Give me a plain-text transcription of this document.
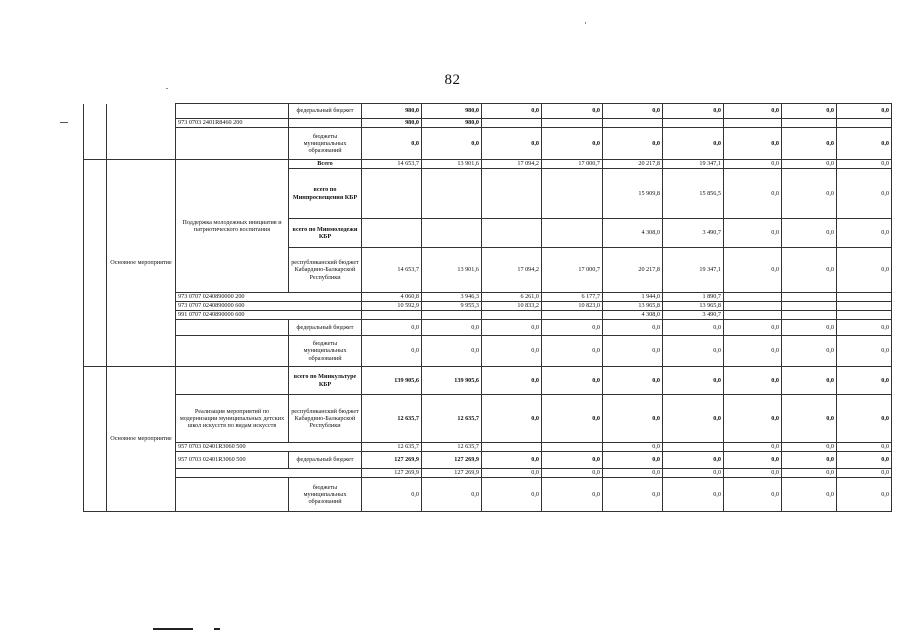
82
			федеральный бюджет	980,0	980,0	0,0	0,0	0,0	0,0	0,0	0,0	0,0
		973 0703 2401R8460 200		980,0	980,0							
			бюджеты муниципальных образований	0,0	0,0	0,0	0,0	0,0	0,0	0,0	0,0	0,0
	Основное мероприятие	Поддержка молодежных инициатив и патриотического воспитания	Всего	14 653,7	13 901,6	17 094,2	17 000,7	20 217,8	19 347,1	0,0	0,0	0,0
			всего по Минпросвещения КБР					15 909,8	15 856,5	0,0	0,0	0,0
			всего по Минмолодежи КБР					4 308,0	3 490,7	0,0	0,0	0,0
			республиканский бюджет Кабардино-Балкарской Республики	14 653,7	13 901,6	17 094,2	17 000,7	20 217,8	19 347,1	0,0	0,0	0,0
		973 0707 0240890000 200		4 060,8	3 946,3	6 261,0	6 177,7	1 944,0	1 890,7			
		973 0707 0240890000 600		10 592,9	9 955,3	10 833,2	10 823,0	13 965,8	13 965,8			
		991 0707 0240890000 600						4 308,0	3 490,7			
			федеральный бюджет	0,0	0,0	0,0	0,0	0,0	0,0	0,0	0,0	0,0
			бюджеты муниципальных образований	0,0	0,0	0,0	0,0	0,0	0,0	0,0	0,0	0,0
	Основное мероприятие		всего по Минкультуре КБР	139 905,6	139 905,6	0,0	0,0	0,0	0,0	0,0	0,0	0,0
		Реализация мероприятий по модернизации муниципальных детских школ искусств по видам искусств	республиканский бюджет Кабардино-Балкарской Республики	12 635,7	12 635,7	0,0	0,0	0,0	0,0	0,0	0,0	0,0
		957 0703 02401R3060 500		12 635,7	12 635,7			0,0		0,0	0,0	0,0
		957 0703 02401R3060 500	федеральный бюджет	127 269,9	127 269,9	0,0	0,0	0,0	0,0	0,0	0,0	0,0
				127 269,9	127 269,9	0,0	0,0	0,0	0,0	0,0	0,0	0,0
			бюджеты муниципальных образований	0,0	0,0	0,0	0,0	0,0	0,0	0,0	0,0	0,0
